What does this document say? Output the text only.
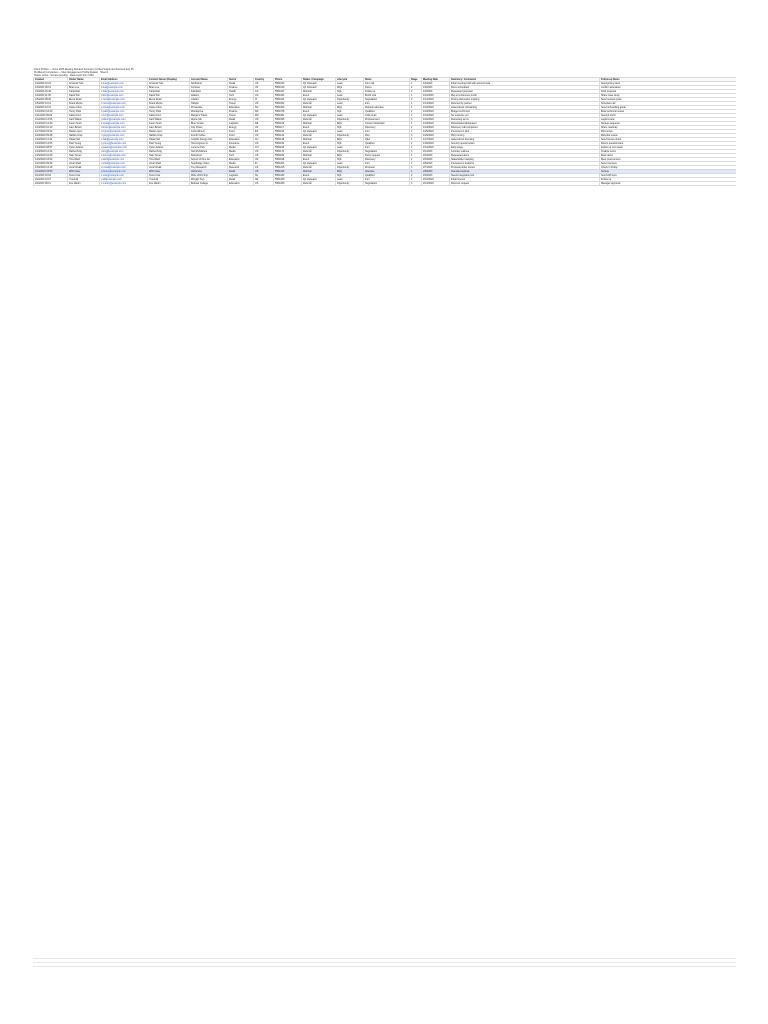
Client Profiles — Nova 2025 Meeting Demand Summary (Unified Supply and Demand Set) 35
Prefiltered Companies — Client Engagement Profile Dataset · Sheet 1
Status: Active · Review pending · Data export from CRM
Created	Owner Name	Email Address	Contact Owner (Display)	Account Name	Sector	Country	Phone	Status / Campaign	Lifecycle	Notes	Stage	Meeting Date	Summary / Comments	Follow-up Notes
1/2/2023 10:22	Amanda Tran	a.tran@example.com	Amanda Tran	Northwind	Retail	US	5551013	Q1 Outreach	Lead	Intro call	1	1/4/2023	Initial meeting held with account lead	Send pricing deck
1/3/2023 09:14	Brian Lee	b.lee@example.com	Brian Lee	Contoso	Finance	UK	5551019	Q1 Outreach	MQL	Demo	2	1/6/2023	Demo scheduled	Confirm attendees
1/3/2023 15:40	Carla Diaz	c.diaz@example.com	Carla Diaz	Fabrikam	Health	CA	5551027	Webinar	SQL	Follow up	2	1/9/2023	Requested proposal	Draft proposal
1/4/2023 11:05	David Kim	d.kim@example.com	David Kim	Adatum	Tech	US	5551031	Event	Lead	Booth visit	1	1/10/2023	Met at conference booth	Share case study
1/5/2023 08:30	Elena Rossi	e.rossi@example.com	Elena Rossi	Litware	Energy	IT	5551044	Q1 Outreach	Opportunity	Negotiation	3	1/12/2023	Pricing discussion ongoing	Send revised quote
1/6/2023 13:12	Frank Moore	f.moore@example.com	Frank Moore	Tailspin	Travel	US	5551052	Referral	Lead	Intro	1	1/13/2023	Referred by partner	Schedule call
1/9/2023 10:47	Grace Chen	g.chen@example.com	Grace Chen	Proseware	Education	SG	5551060	Webinar	MQL	Webinar attendee	1	1/16/2023	Asked about onboarding	Send onboarding guide
1/10/2023 16:20	Henry Park	h.park@example.com	Henry Park	Woodgrove	Finance	KR	5551078	Event	SQL	Qualified	2	1/18/2023	Budget confirmed	Book technical review
1/11/2023 09:03	Isabel Cruz	i.cruz@example.com	Isabel Cruz	Margie's Travel	Travel	MX	5551081	Q1 Outreach	Lead	Cold email	1	1/19/2023	No response yet	Second touch
1/12/2023 14:55	Jack Wilson	j.wilson@example.com	Jack Wilson	Alpine Ski	Retail	US	5551095	Referral	Opportunity	Proposal sent	3	1/20/2023	Reviewing terms	Legal review
1/13/2023 12:40	Karen Scott	k.scott@example.com	Karen Scott	Blue Yonder	Logistics	DE	5551103	Webinar	MQL	Content download	1	1/23/2023	Downloaded whitepaper	Nurture sequence
1/16/2023 10:10	Liam Brown	l.brown@example.com	Liam Brown	City Power	Energy	UK	5551117	Event	SQL	Discovery	2	1/24/2023	Discovery call completed	Share roadmap
1/17/2023 15:22	Maria Lopez	m.lopez@example.com	Maria Lopez	Coho Winery	Food	ES	5551120	Q1 Outreach	Lead	Intro	1	1/25/2023	Interested in pilot	Pilot scope
1/18/2023 09:48	Nathan Gray	n.gray@example.com	Nathan Gray	Fourth Coffee	Food	US	5551134	Referral	Opportunity	Pilot	3	1/26/2023	Pilot running	Mid-pilot review
1/19/2023 11:31	Olivia Hall	o.hall@example.com	Olivia Hall	Graphic Design Inst.	Education	AU	5551148	Webinar	MQL	Q&A	1	1/27/2023	Asked about licensing	Send license sheet
1/20/2023 14:05	Paul Young	p.young@example.com	Paul Young	Humongous Ins.	Insurance	US	5551152	Event	SQL	Qualified	2	1/30/2023	Security questionnaire	Return questionnaire
1/23/2023 08:57	Quinn Adams	q.adams@example.com	Quinn Adams	Lucerne Pub.	Media	CH	5551166	Q1 Outreach	Lead	Intro	1	1/31/2023	Early stage	Follow up next week
1/24/2023 13:44	Rachel King	r.king@example.com	Rachel King	Nod Publishers	Media	US	5551170	Referral	Opportunity	Negotiation	3	2/1/2023	Contract redlines	Finalize terms
1/25/2023 10:29	Sam Turner	s.turner@example.com	Sam Turner	Relecloud	Tech	US	5551184	Webinar	MQL	Demo request	1	2/2/2023	Requested demo	Book demo
1/26/2023 16:02	Tina Ward	t.ward@example.com	Tina Ward	School of Fine Art	Education	UK	5551198	Event	SQL	Discovery	2	2/3/2023	Stakeholder mapping	Meet procurement
1/27/2023 09:36	Umar Shah	u.shah@example.com	Umar Shah	Southridge Video	Media	IN	5551201	Q1 Outreach	Lead	Intro	1	2/6/2023	Interested in analytics	Send overview
1/30/2023 12:18	Vera Novak	v.novak@example.com	Vera Novak	Trey Research	Research	CZ	5551215	Referral	Opportunity	Proposal	3	2/7/2023	Proposal under review	Check in Friday
1/31/2023 15:50	Will Foster	w.foster@example.com	Will Foster	VanArsdel	Retail	US	5551229	Webinar	MQL	Attendee	1	2/8/2023	Attended webinar	Nurture
2/1/2023 10:04	Xena Cole	x.cole@example.com	Xena Cole	Wide World Imp.	Logistics	NL	5551232	Event	SQL	Qualified	2	2/9/2023	Needs integration info	Send API docs
2/2/2023 13:27	Yusuf Ali	y.ali@example.com	Yusuf Ali	Wingtip Toys	Retail	AE	5551246	Q1 Outreach	Lead	Intro	1	2/10/2023	Initial interest	Follow up
2/3/2023 09:11	Zoe Martin	z.martin@example.com	Zoe Martin	Bellows College	Education	US	5551250	Referral	Opportunity	Negotiation	3	2/13/2023	Discount request	Manager approval
